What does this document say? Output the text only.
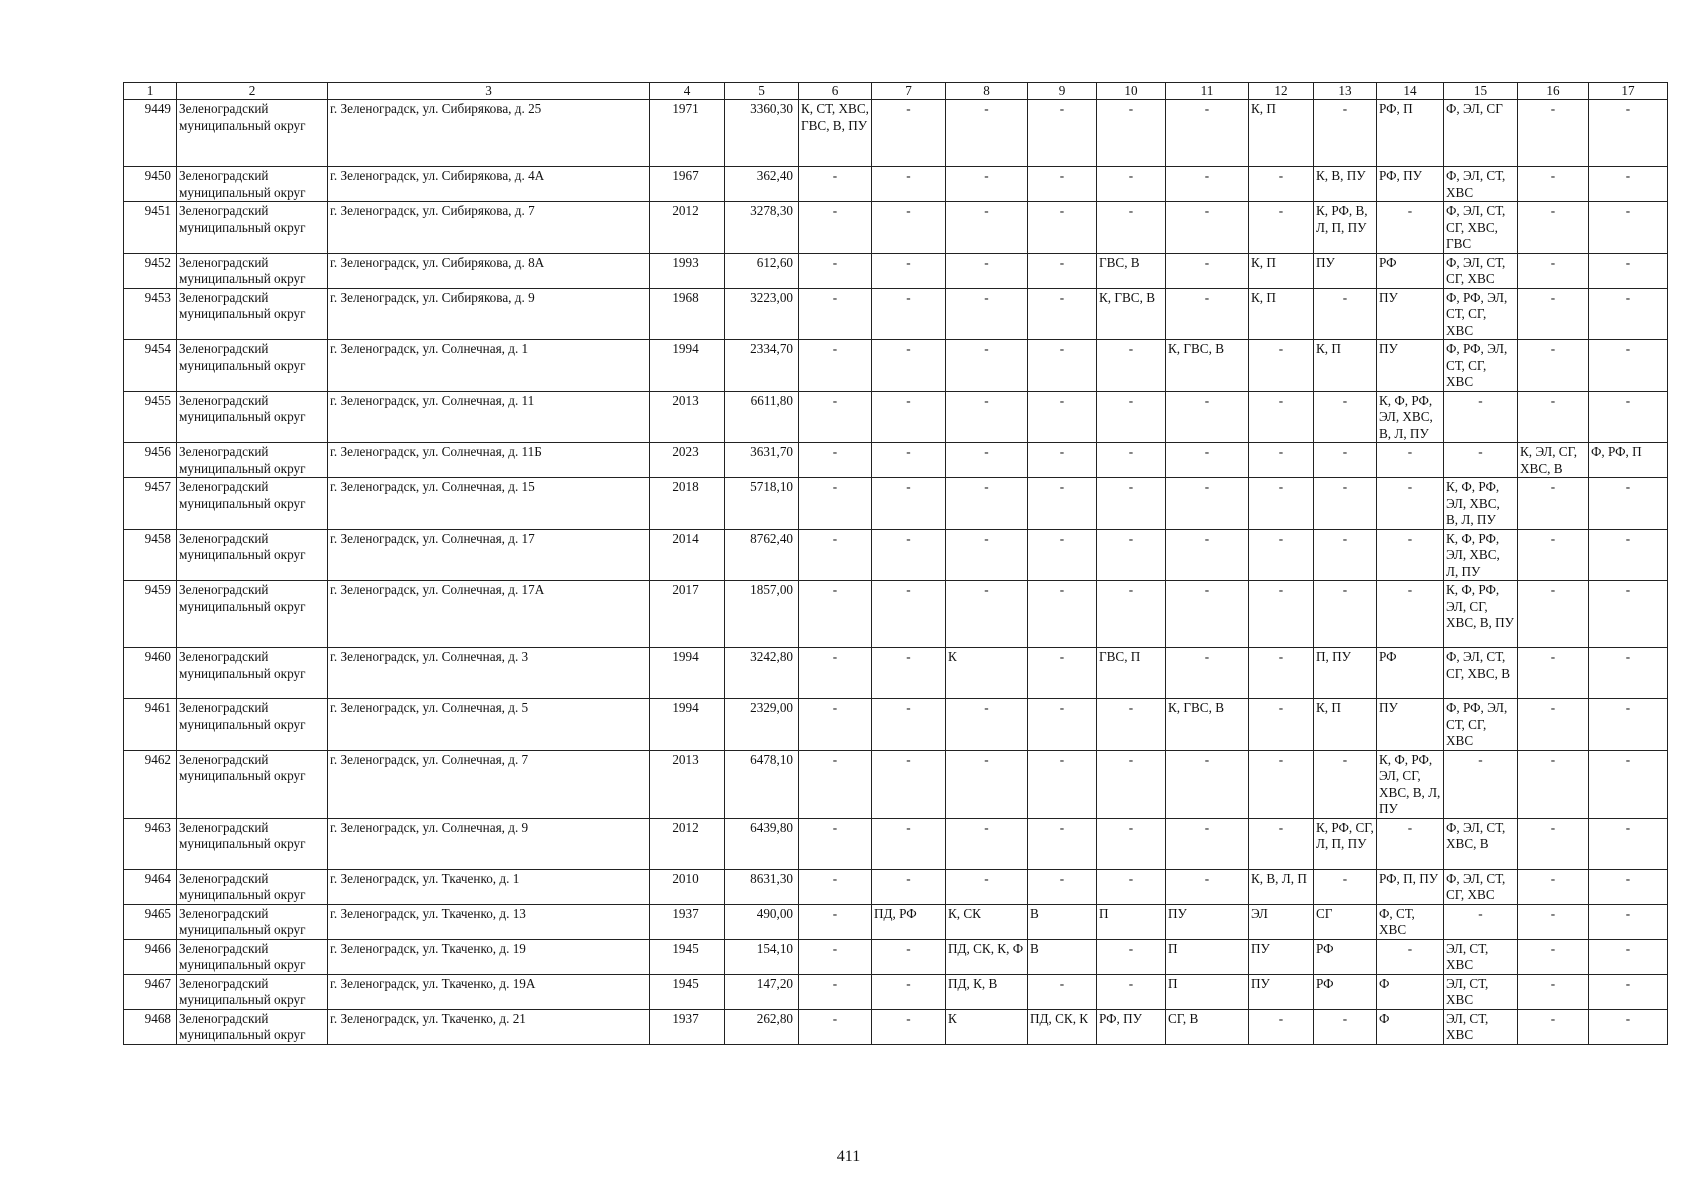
1	2	3	4	5	6	7	8	9	10	11	12	13	14	15	16	17
9449	Зеленоградский муниципальный округ	г. Зеленоградск, ул. Сибирякова, д. 25	1971	3360,30	К, СТ, ХВС, ГВС, В, ПУ	-	-	-	-	-	К, П	-	РФ, П	Ф, ЭЛ, СГ	-	-
9450	Зеленоградский муниципальный округ	г. Зеленоградск, ул. Сибирякова, д. 4А	1967	362,40	-	-	-	-	-	-	-	К, В, ПУ	РФ, ПУ	Ф, ЭЛ, СТ, ХВС	-	-
9451	Зеленоградский муниципальный округ	г. Зеленоградск, ул. Сибирякова, д. 7	2012	3278,30	-	-	-	-	-	-	-	К, РФ, В, Л, П, ПУ	-	Ф, ЭЛ, СТ, СГ, ХВС, ГВС	-	-
9452	Зеленоградский муниципальный округ	г. Зеленоградск, ул. Сибирякова, д. 8А	1993	612,60	-	-	-	-	ГВС, В	-	К, П	ПУ	РФ	Ф, ЭЛ, СТ, СГ, ХВС	-	-
9453	Зеленоградский муниципальный округ	г. Зеленоградск, ул. Сибирякова, д. 9	1968	3223,00	-	-	-	-	К, ГВС, В	-	К, П	-	ПУ	Ф, РФ, ЭЛ, СТ, СГ, ХВС	-	-
9454	Зеленоградский муниципальный округ	г. Зеленоградск, ул. Солнечная, д. 1	1994	2334,70	-	-	-	-	-	К, ГВС, В	-	К, П	ПУ	Ф, РФ, ЭЛ, СТ, СГ, ХВС	-	-
9455	Зеленоградский муниципальный округ	г. Зеленоградск, ул. Солнечная, д. 11	2013	6611,80	-	-	-	-	-	-	-	-	К, Ф, РФ, ЭЛ, ХВС, В, Л, ПУ	-	-	-
9456	Зеленоградский муниципальный округ	г. Зеленоградск, ул. Солнечная, д. 11Б	2023	3631,70	-	-	-	-	-	-	-	-	-	-	К, ЭЛ, СГ, ХВС, В	Ф, РФ, П
9457	Зеленоградский муниципальный округ	г. Зеленоградск, ул. Солнечная, д. 15	2018	5718,10	-	-	-	-	-	-	-	-	-	К, Ф, РФ, ЭЛ, ХВС, В, Л, ПУ	-	-
9458	Зеленоградский муниципальный округ	г. Зеленоградск, ул. Солнечная, д. 17	2014	8762,40	-	-	-	-	-	-	-	-	-	К, Ф, РФ, ЭЛ, ХВС, Л, ПУ	-	-
9459	Зеленоградский муниципальный округ	г. Зеленоградск, ул. Солнечная, д. 17А	2017	1857,00	-	-	-	-	-	-	-	-	-	К, Ф, РФ, ЭЛ, СГ, ХВС, В, ПУ	-	-
9460	Зеленоградский муниципальный округ	г. Зеленоградск, ул. Солнечная, д. 3	1994	3242,80	-	-	К	-	ГВС, П	-	-	П, ПУ	РФ	Ф, ЭЛ, СТ, СГ, ХВС, В	-	-
9461	Зеленоградский муниципальный округ	г. Зеленоградск, ул. Солнечная, д. 5	1994	2329,00	-	-	-	-	-	К, ГВС, В	-	К, П	ПУ	Ф, РФ, ЭЛ, СТ, СГ, ХВС	-	-
9462	Зеленоградский муниципальный округ	г. Зеленоградск, ул. Солнечная, д. 7	2013	6478,10	-	-	-	-	-	-	-	-	К, Ф, РФ, ЭЛ, СГ, ХВС, В, Л, ПУ	-	-	-
9463	Зеленоградский муниципальный округ	г. Зеленоградск, ул. Солнечная, д. 9	2012	6439,80	-	-	-	-	-	-	-	К, РФ, СГ, Л, П, ПУ	-	Ф, ЭЛ, СТ, ХВС, В	-	-
9464	Зеленоградский муниципальный округ	г. Зеленоградск, ул. Ткаченко, д. 1	2010	8631,30	-	-	-	-	-	-	К, В, Л, П	-	РФ, П, ПУ	Ф, ЭЛ, СТ, СГ, ХВС	-	-
9465	Зеленоградский муниципальный округ	г. Зеленоградск, ул. Ткаченко, д. 13	1937	490,00	-	ПД, РФ	К, СК	В	П	ПУ	ЭЛ	СГ	Ф, СТ, ХВС	-	-	-
9466	Зеленоградский муниципальный округ	г. Зеленоградск, ул. Ткаченко, д. 19	1945	154,10	-	-	ПД, СК, К, Ф	В	-	П	ПУ	РФ	-	ЭЛ, СТ, ХВС	-	-
9467	Зеленоградский муниципальный округ	г. Зеленоградск, ул. Ткаченко, д. 19А	1945	147,20	-	-	ПД, К, В	-	-	П	ПУ	РФ	Ф	ЭЛ, СТ, ХВС	-	-
9468	Зеленоградский муниципальный округ	г. Зеленоградск, ул. Ткаченко, д. 21	1937	262,80	-	-	К	ПД, СК, К	РФ, ПУ	СГ, В	-	-	Ф	ЭЛ, СТ, ХВС	-	-
411
